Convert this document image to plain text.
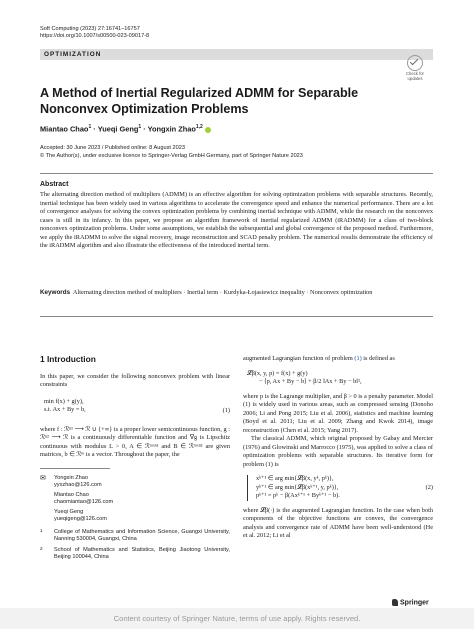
Soft Computing (2023) 27:16741–16757
https://doi.org/10.1007/s00500-023-09017-8
OPTIMIZATION
Check for
updates
A Method of Inertial Regularized ADMM for Separable Nonconvex Optimization Problems
Miantao Chao$^1$ · Yueqi Geng$^1$ · Yongxin Zhao$^{1,2}$
Accepted: 30 June 2023 / Published online: 8 August 2023
© The Author(s), under exclusive licence to Springer-Verlag GmbH Germany, part of Springer Nature 2023
Abstract
The alternating direction method of multipliers (ADMM) is an effective algorithm for solving optimization problems with separable structures. Recently, inertial technique has been widely used in various algorithms to accelerate the convergence speed and enhance the numerical performance. There are a lot of convergence analyses for solving the convex optimization problems by combining inertial technique with ADMM, while the research on the nonconvex cases is still in its infancy. In this paper, we propose an algorithm framework of inertial regularized ADMM (iRADMM) for a class of two-block nonconvex optimization problems. Under some assumptions, we establish the subsequential and global convergence of the proposed method. Furthermore, we apply the iRADMM to solve the signal recovery, image reconstruction and SCAD penalty problem. The numerical results demonstrate the efficiency of the iRADMM algorithm and also illustrate the effectiveness of the introduced inertial term.
Keywords Alternating direction method of multipliers · Inertial term · Kurdyka-Łojasiewicz inequality · Nonconvex optimization
1 Introduction
In this paper, we consider the following nonconvex problem with linear constraints
min f(x) + g(y),
s.t. Ax + By = b,	(1)
where f : ℛⁿ¹ ⟶ ℛ ∪ {+∞} is a proper lower semicontinuous function, g : ℛⁿ² ⟶ ℛ is a continuously differentiable function and ∇g is Lipschitz continuous with modulus L > 0, A ∈ ℛᵐˣⁿ¹ and B ∈ ℛᵐˣⁿ² are given matrices, b ∈ ℛᵐ is a vector. Throughout the paper, the
✉ Yongxin Zhao
yyxzhao@126.com
Miantao Chao
chaomiantao@126.com
Yueqi Geng
yueqigeng@126.com
1 College of Mathematics and Information Science, Guangxi University, Nanning 530004, Guangxi, China
2 School of Mathematics and Statistics, Beijing Jiaotong University, Beijing 100044, China
augmented Lagrangian function of problem (1) is defined as
𝓛β(x, y, p) = f(x) + g(y)
− ⟨p, Ax + By − b⟩ + β/2 ‖Ax + By − b‖²,
where p is the Lagrange multiplier, and β > 0 is a penalty parameter. Model (1) is widely used in various areas, such as compressed sensing (Donoho 2006; Li and Pong 2015; Liu et al. 2006), statistics and machine learning (Boyd et al. 2011; Liu et al. 2009; Zhang and Kwok 2014), image reconstruction (Chen et al. 2015; Yang 2017).
The classical ADMM, which original proposed by Gabay and Mercier (1976) and Glowinski and Marrocco (1975), was applied to solve a class of optimization problems with separable structures. Its iterative form for problem (1) is
xᵏ⁺¹ ∈ arg min{𝓛β(x, yᵏ, pᵏ)},
yᵏ⁺¹ ∈ arg min{𝓛β(xᵏ⁺¹, y, pᵏ)},
pᵏ⁺¹ = pᵏ − β(Axᵏ⁺¹ + Byᵏ⁺¹ − b).
(2)
where 𝓛β(·) is the augmented Lagrangian function. In the case when both components of the objective functions are convex, the convergence analysis and convergence rate of ADMM have been well-understood (He et al. 2012; Li et al
Springer
Content courtesy of Springer Nature, terms of use apply. Rights reserved.
